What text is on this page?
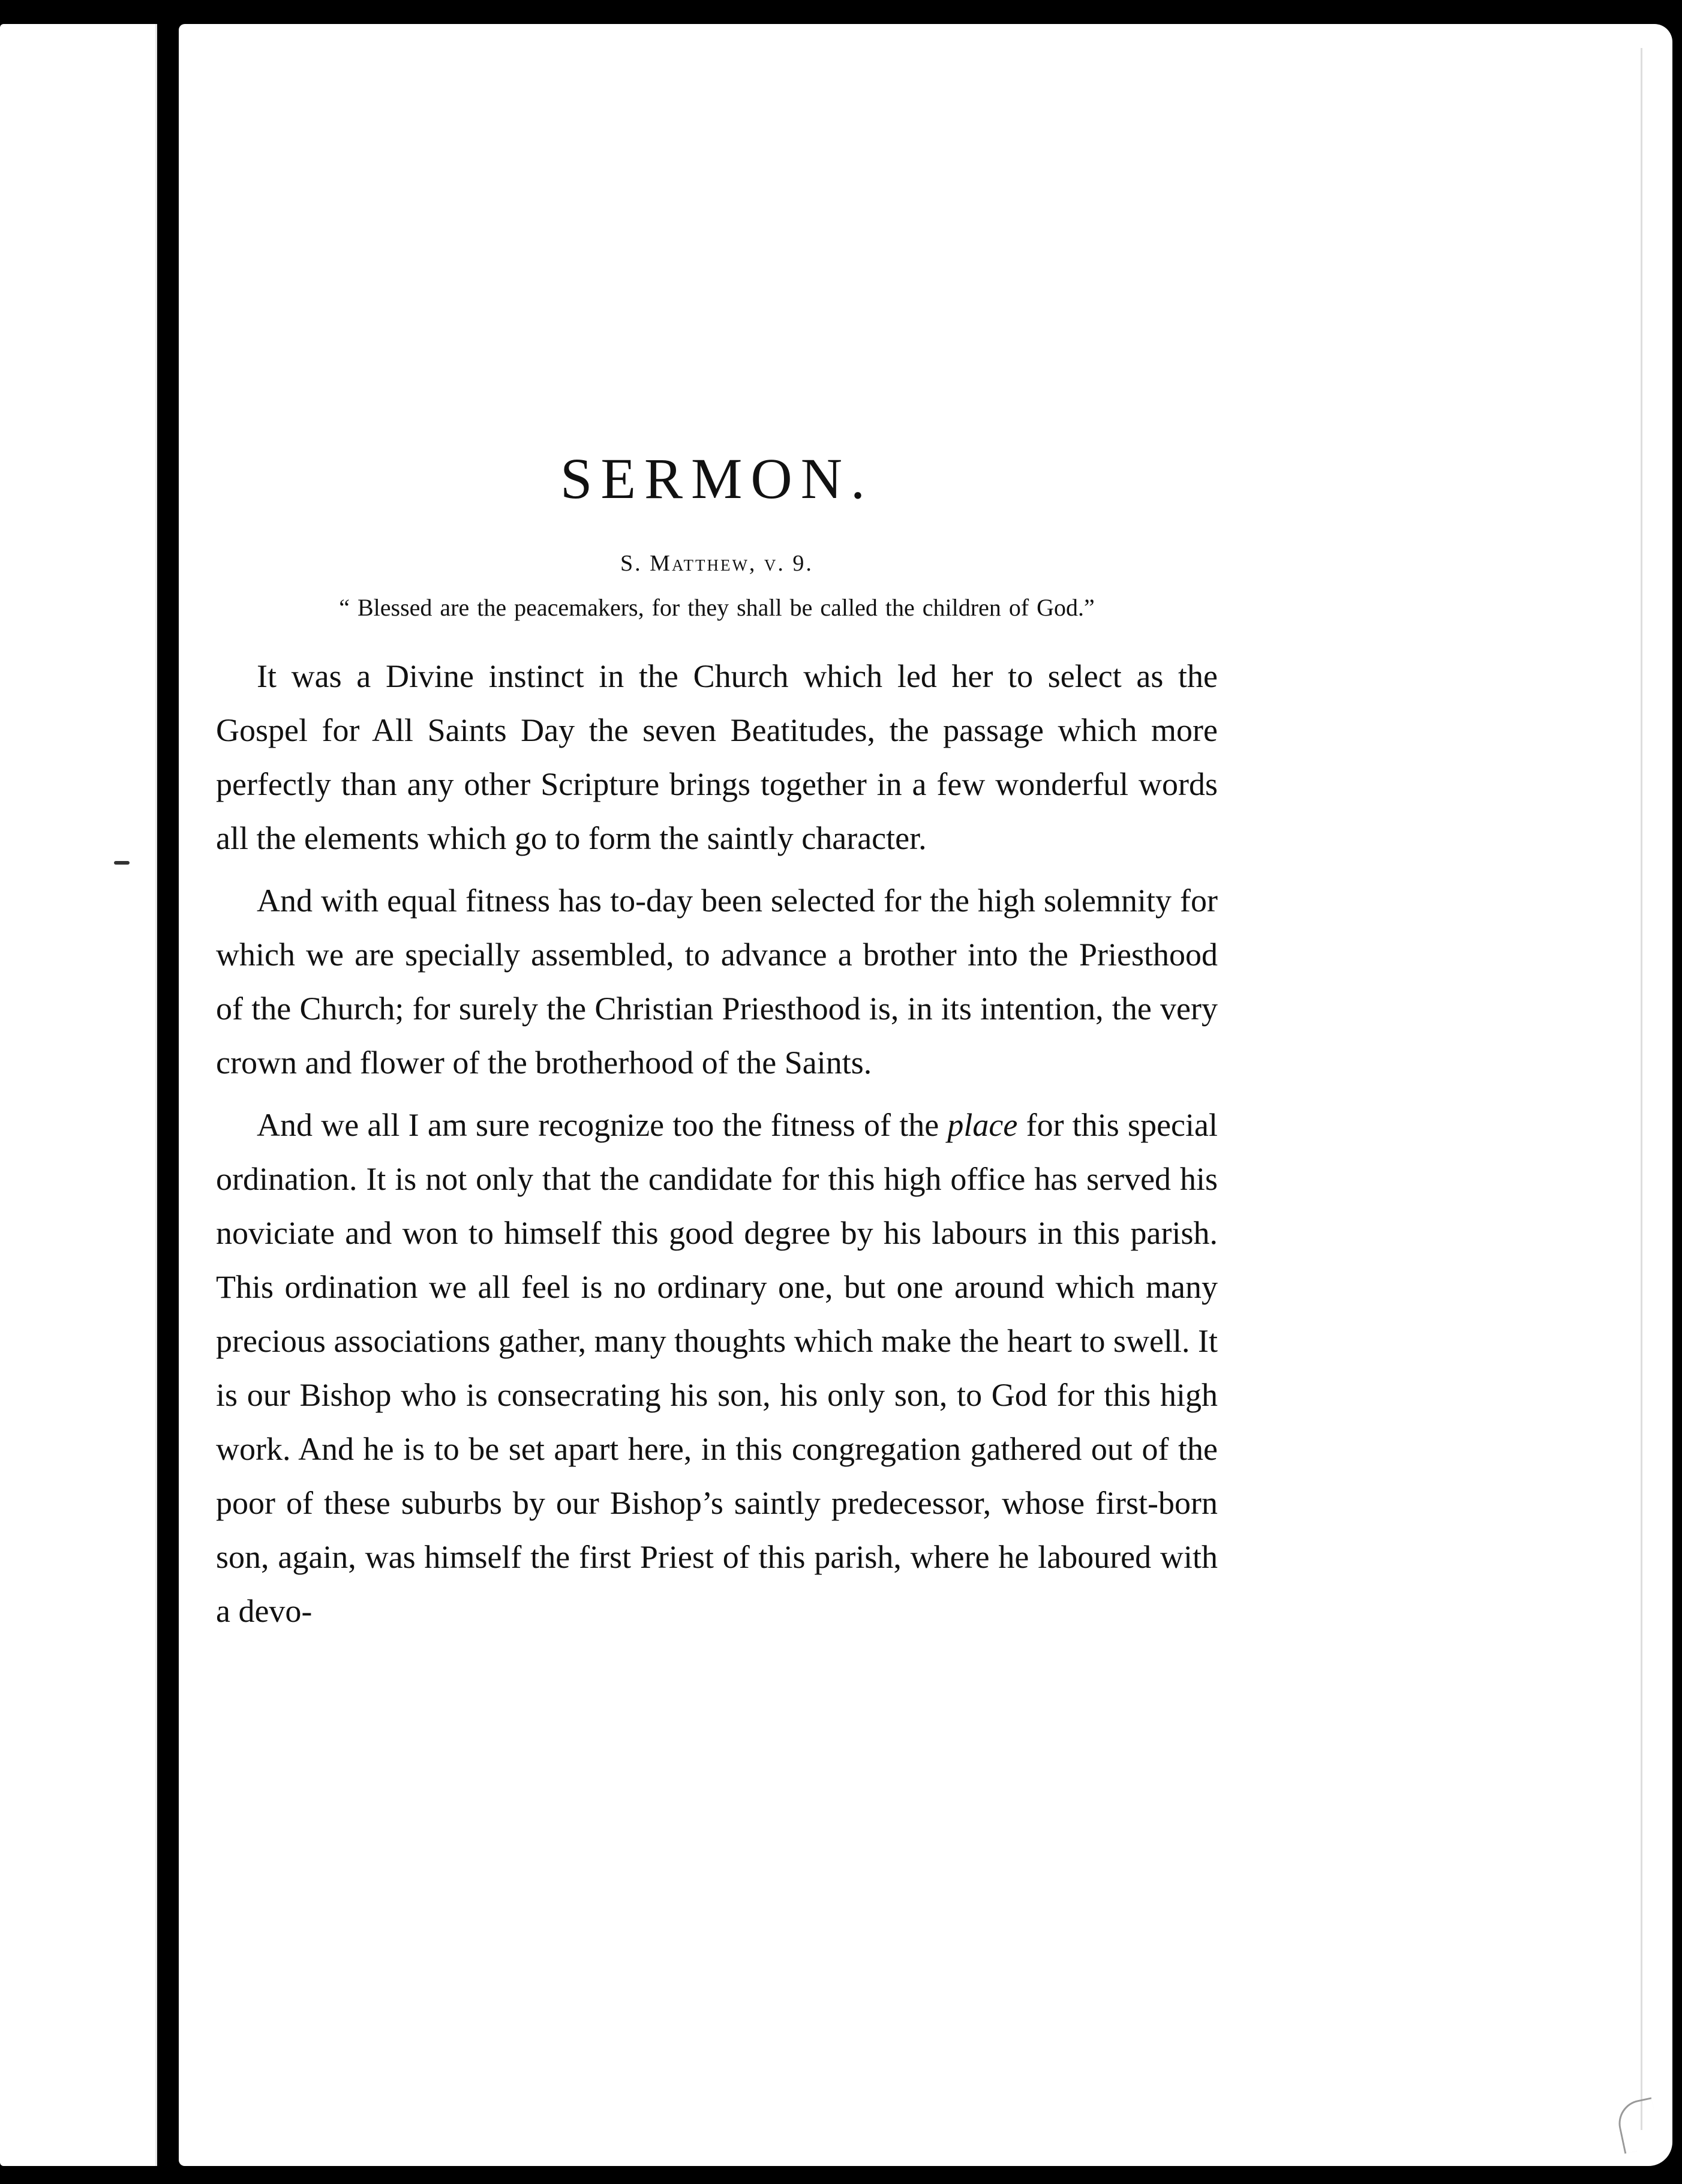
SERMON.
S. Matthew, v. 9.
“ Blessed are the peacemakers, for they shall be called the children of God.”

It was a Divine instinct in the Church which led her to select as the Gospel for All Saints Day the seven Beatitudes, the passage which more perfectly than any other Scripture brings together in a few wonderful words all the elements which go to form the saintly character.

And with equal fitness has to-day been selected for the high solemnity for which we are specially assembled, to advance a brother into the Priesthood of the Church; for surely the Christian Priesthood is, in its intention, the very crown and flower of the brotherhood of the Saints.

And we all I am sure recognize too the fitness of the place for this special ordination. It is not only that the candidate for this high office has served his noviciate and won to himself this good degree by his labours in this parish. This ordination we all feel is no ordinary one, but one around which many precious associations gather, many thoughts which make the heart to swell. It is our Bishop who is consecrating his son, his only son, to God for this high work. And he is to be set apart here, in this congregation gathered out of the poor of these suburbs by our Bishop’s saintly predecessor, whose first-born son, again, was himself the first Priest of this parish, where he laboured with a devo-
